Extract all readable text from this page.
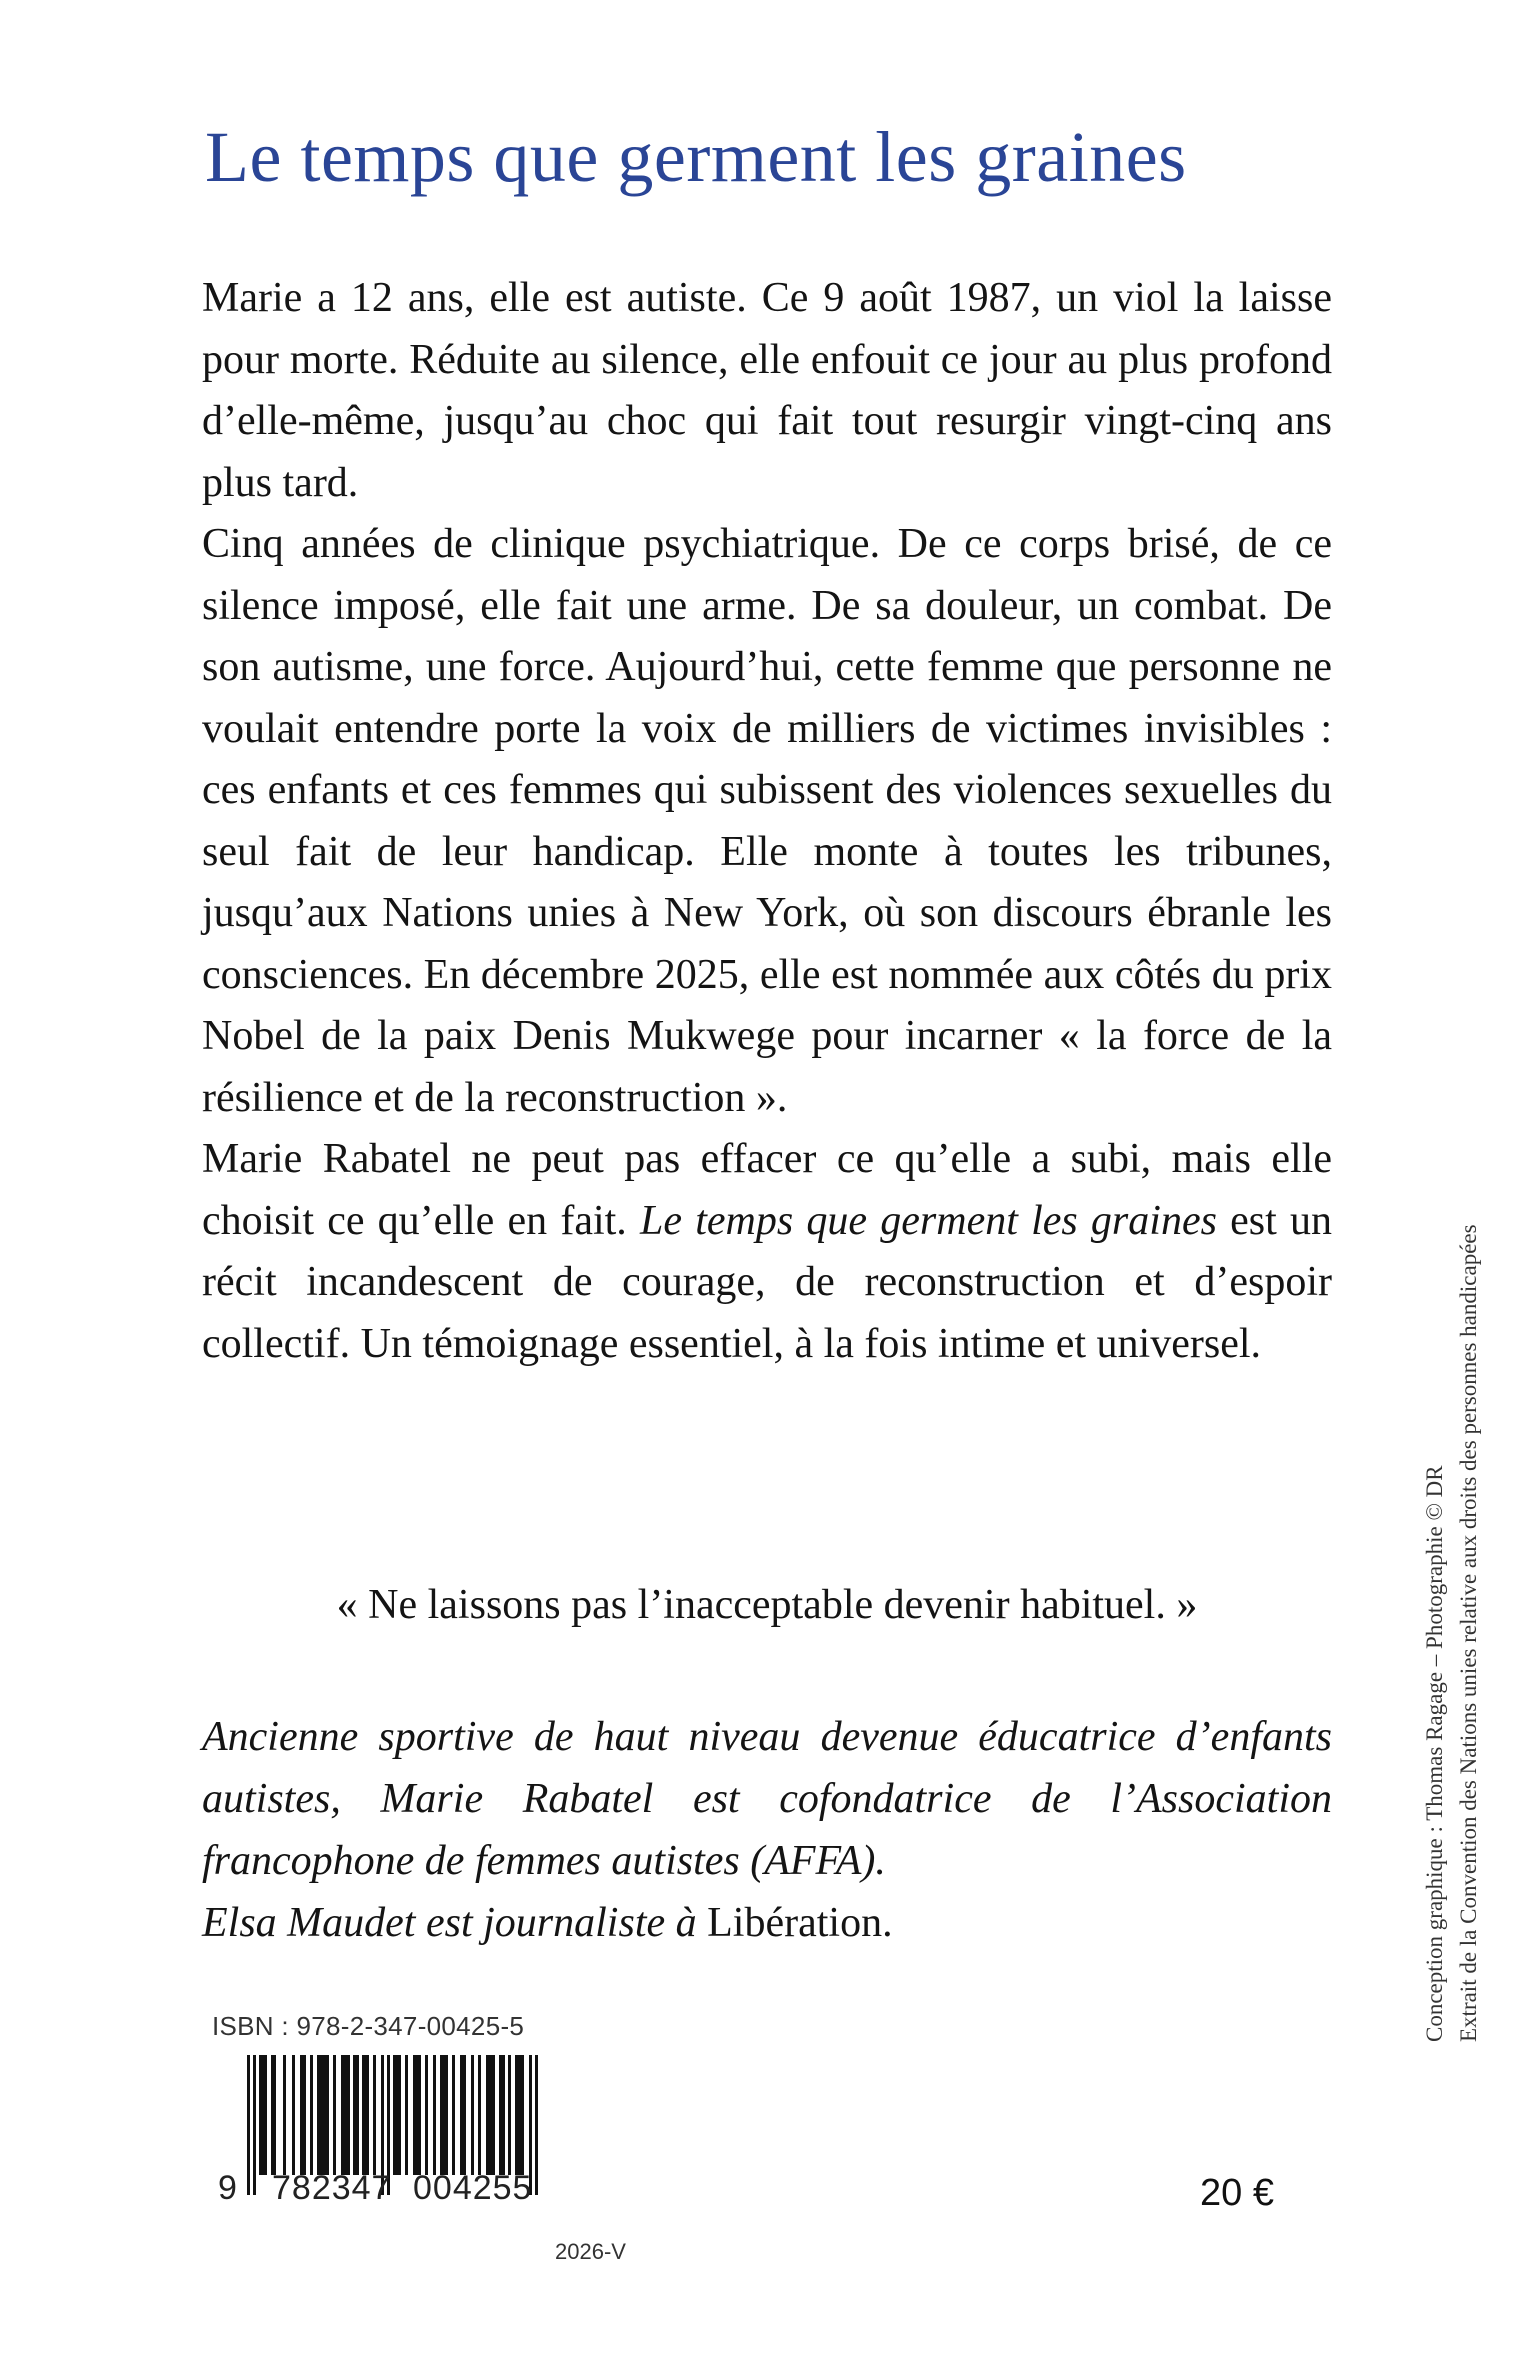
Le temps que germent les graines

Marie a 12 ans, elle est autiste. Ce 9 août 1987, un viol la laisse pour morte. Réduite au silence, elle enfouit ce jour au plus profond d’elle-même, jusqu’au choc qui fait tout resurgir vingt-cinq ans plus tard.

Cinq années de clinique psychiatrique. De ce corps brisé, de ce silence imposé, elle fait une arme. De sa douleur, un combat. De son autisme, une force. Aujourd’hui, cette femme que personne ne voulait entendre porte la voix de milliers de victimes invisibles : ces enfants et ces femmes qui subissent des violences sexuelles du seul fait de leur handicap. Elle monte à toutes les tribunes, jusqu’aux Nations unies à New York, où son discours ébranle les consciences. En décembre 2025, elle est nommée aux côtés du prix Nobel de la paix Denis Mukwege pour incarner « la force de la résilience et de la reconstruction ».

Marie Rabatel ne peut pas effacer ce qu’elle a subi, mais elle choisit ce qu’elle en fait. Le temps que germent les graines est un récit incandescent de courage, de reconstruction et d’espoir collectif. Un témoignage essentiel, à la fois intime et universel.

« Ne laissons pas l’inacceptable devenir habituel. »

Ancienne sportive de haut niveau devenue éducatrice d’enfants autistes, Marie Rabatel est cofondatrice de l’Association francophone de femmes autistes (AFFA).

Elsa Maudet est journaliste à Libération.

ISBN : 978-2-347-00425-5
9 782347 004255
2026-V
20 €
Conception graphique : Thomas Ragage – Photographie © DR Extrait de la Convention des Nations unies relative aux droits des personnes handicapées
